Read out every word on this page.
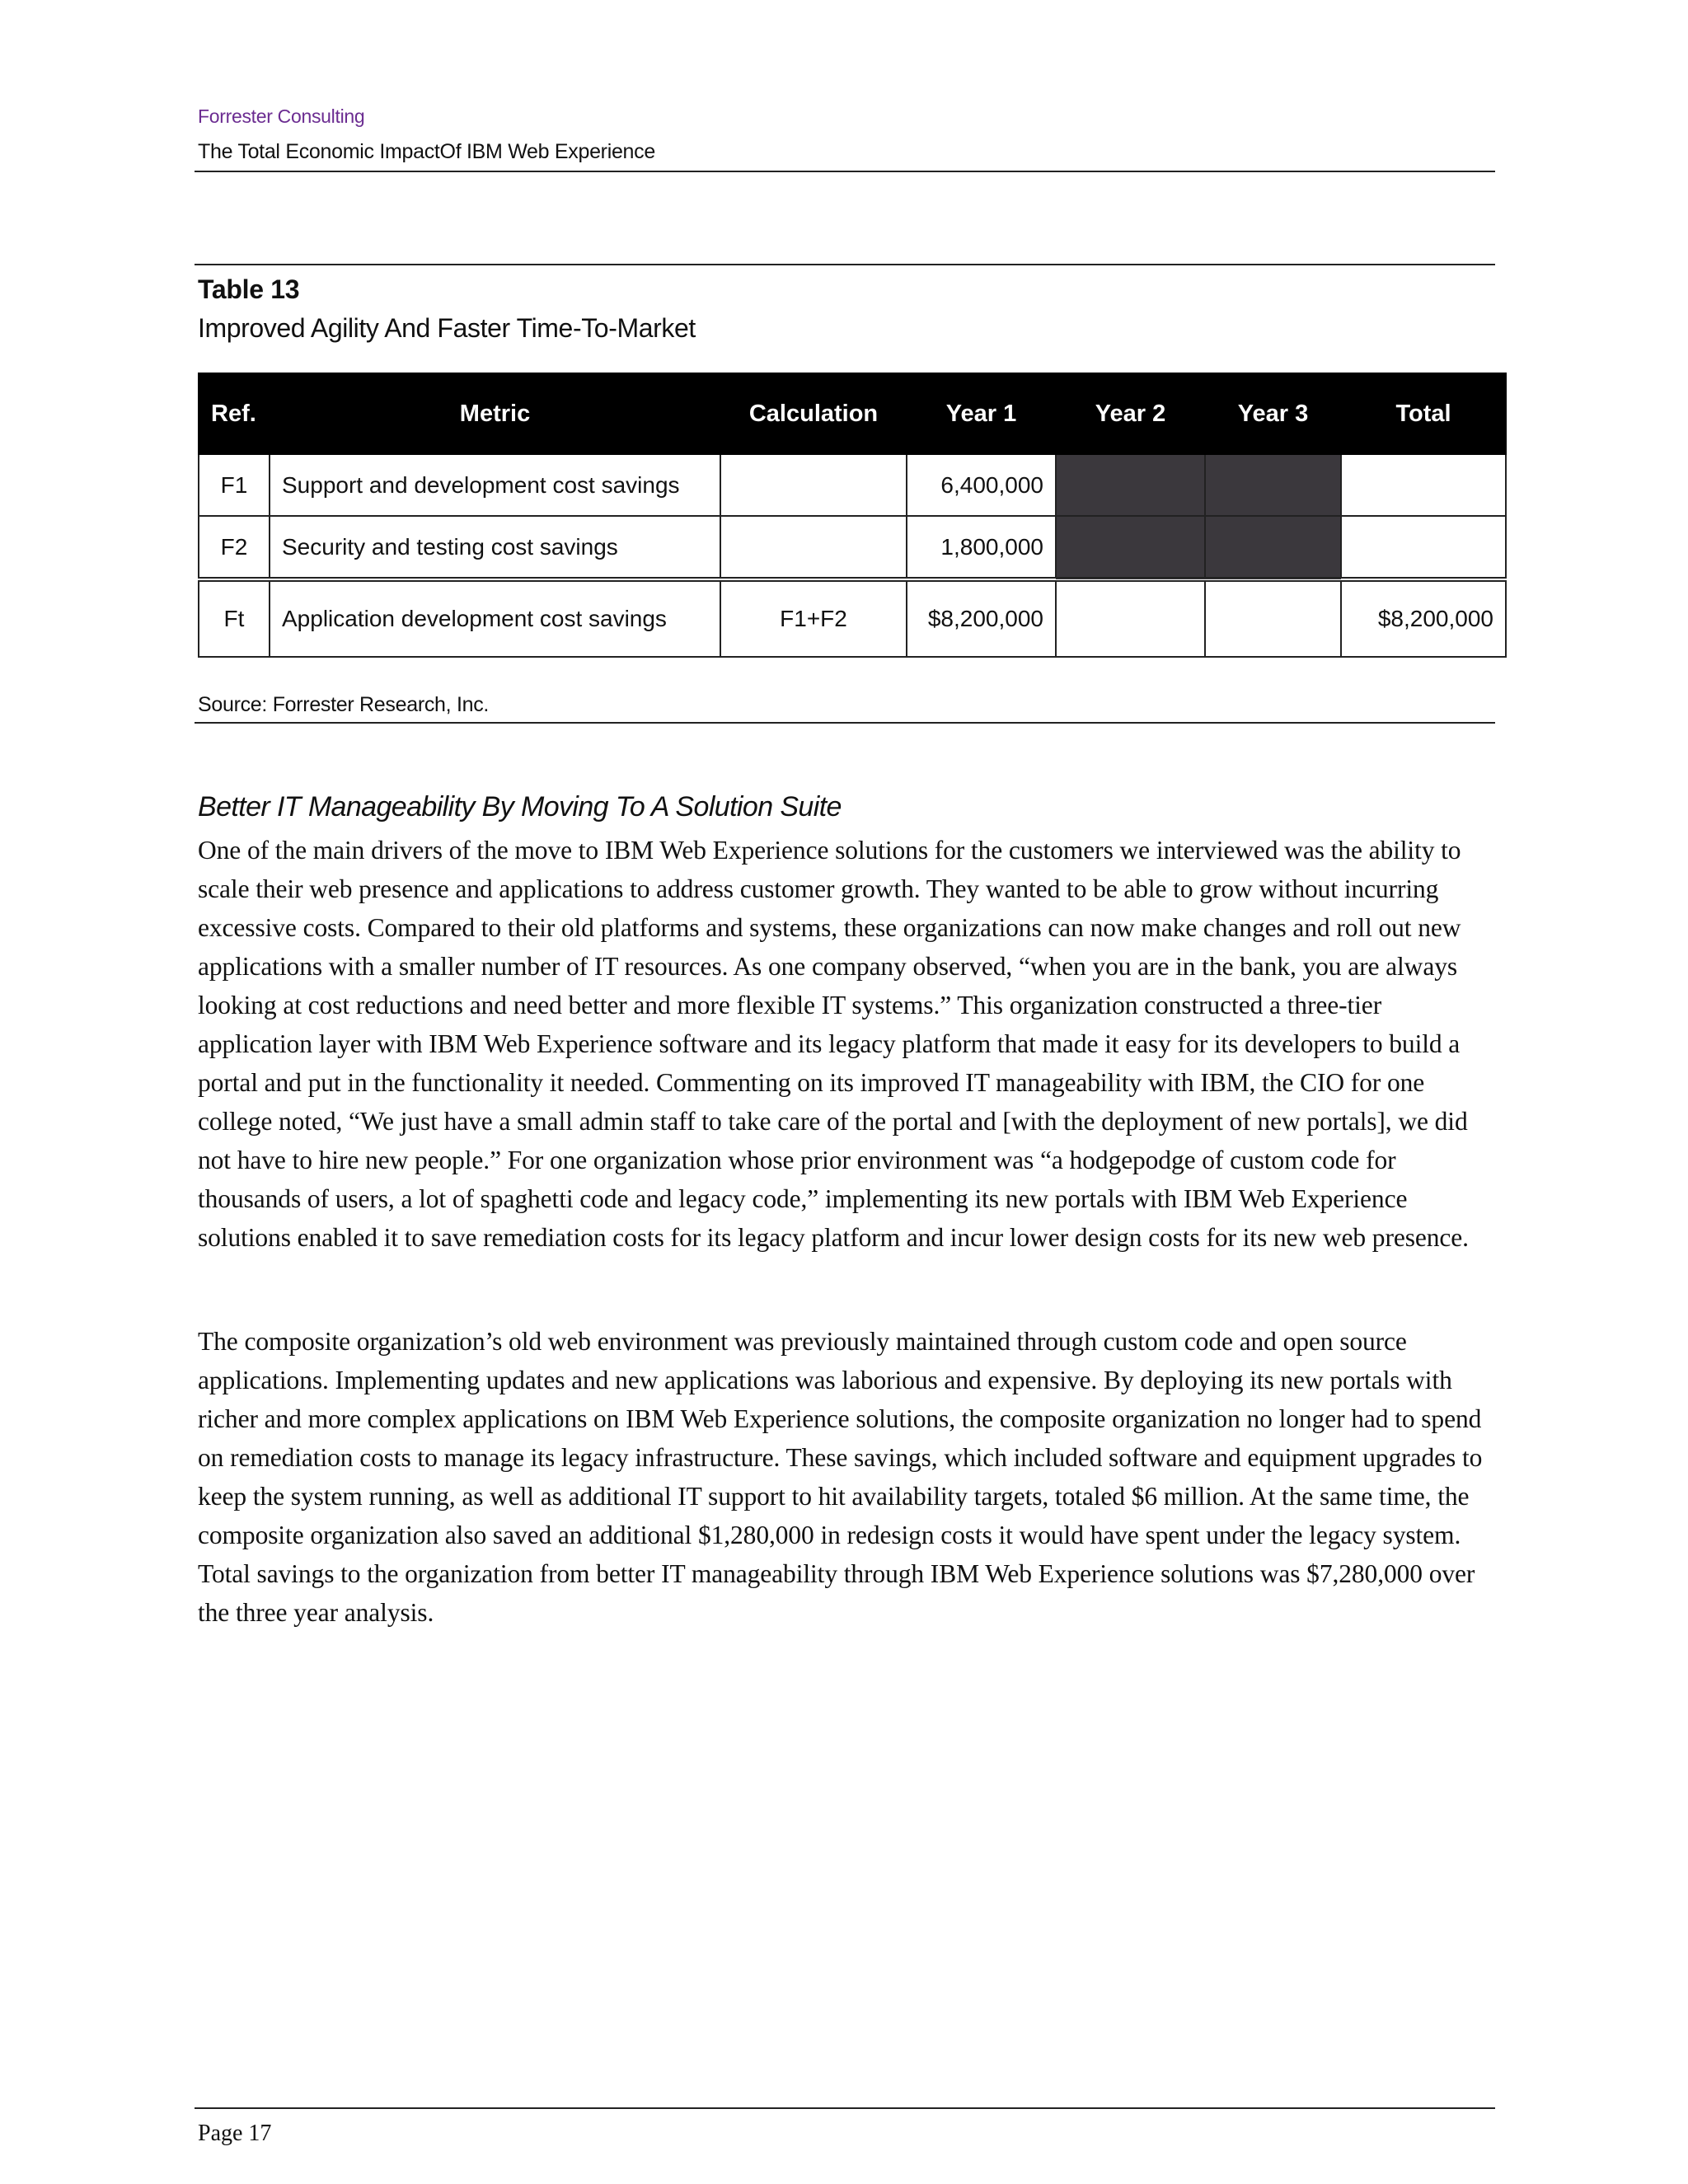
Forrester Consulting
The Total Economic ImpactOf IBM Web Experience
Table 13
Improved Agility And Faster Time-To-Market
Ref.	Metric	Calculation	Year 1	Year 2	Year 3	Total
F1	Support and development cost savings		6,400,000			
F2	Security and testing cost savings		1,800,000			
Ft	Application development cost savings	F1+F2	$8,200,000			$8,200,000
Source: Forrester Research, Inc.
Better IT Manageability By Moving To A Solution Suite

One of the main drivers of the move to IBM Web Experience solutions for the customers we interviewed was the ability to scale their web presence and applications to address customer growth. They wanted to be able to grow without incurring excessive costs. Compared to their old platforms and systems, these organizations can now make changes and roll out new applications with a smaller number of IT resources. As one company observed, “when you are in the bank, you are always looking at cost reductions and need better and more flexible IT systems.” This organization constructed a three-tier application layer with IBM Web Experience software and its legacy platform that made it easy for its developers to build a portal and put in the functionality it needed. Commenting on its improved IT manageability with IBM, the CIO for one college noted, “We just have a small admin staff to take care of the portal and [with the deployment of new portals], we did not have to hire new people.” For one organization whose prior environment was “a hodgepodge of custom code for thousands of users, a lot of spaghetti code and legacy code,” implementing its new portals with IBM Web Experience solutions enabled it to save remediation costs for its legacy platform and incur lower design costs for its new web presence.

The composite organization’s old web environment was previously maintained through custom code and open source applications. Implementing updates and new applications was laborious and expensive. By deploying its new portals with richer and more complex applications on IBM Web Experience solutions, the composite organization no longer had to spend on remediation costs to manage its legacy infrastructure. These savings, which included software and equipment upgrades to keep the system running, as well as additional IT support to hit availability targets, totaled $6 million. At the same time, the composite organization also saved an additional $1,280,000 in redesign costs it would have spent under the legacy system. Total savings to the organization from better IT manageability through IBM Web Experience solutions was $7,280,000 over the three year analysis.

Page 17
